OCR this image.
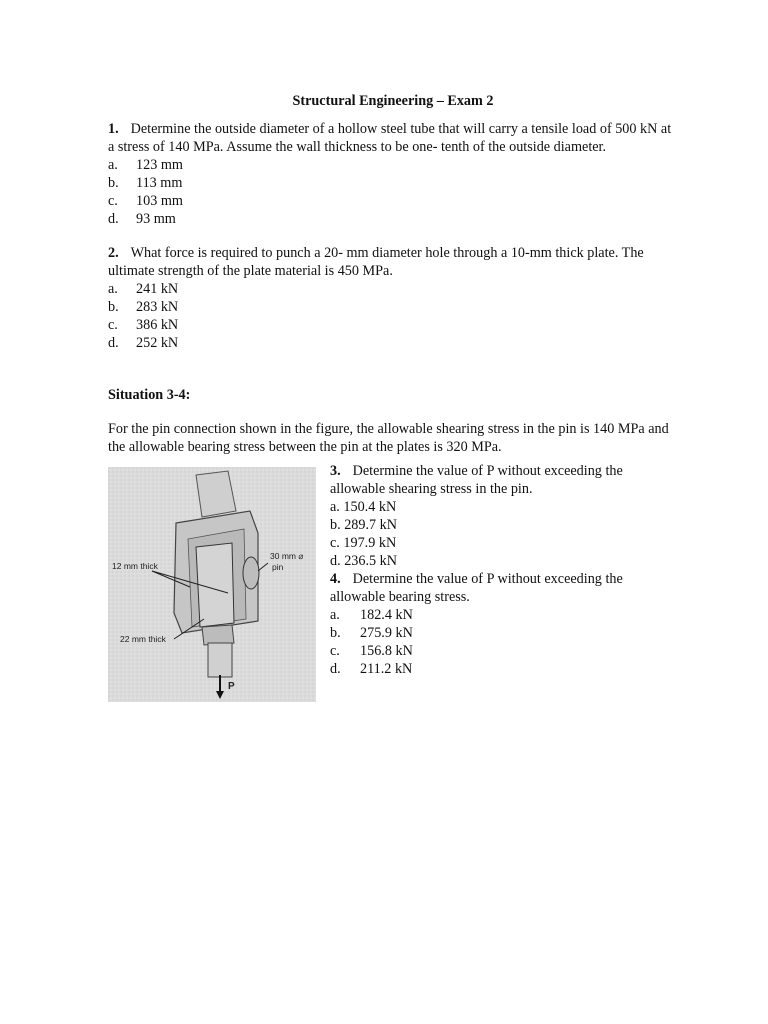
Structural Engineering – Exam 2

1. Determine the outside diameter of a hollow steel tube that will carry a tensile load of 500 kN at a stress of 140 MPa. Assume the wall thickness to be one- tenth of the outside diameter.

a.	123 mm
b.	113 mm
c.	103 mm
d.	93 mm

2. What force is required to punch a 20- mm diameter hole through a 10-mm thick plate. The ultimate strength of the plate material is 450 MPa.

a.	241 kN
b.	283 kN
c.	386 kN
d.	252 kN

Situation 3-4:

For the pin connection shown in the figure, the allowable shearing stress in the pin is 140 MPa and the allowable bearing stress between the pin at the plates is 320 MPa.

12 mm thick
30 mm ⌀
pin
22 mm thick
P

3. Determine the value of P without exceeding the allowable shearing stress in the pin.

a. 150.4 kN
b. 289.7 kN
c. 197.9 kN
d. 236.5 kN

4. Determine the value of P without exceeding the allowable bearing stress.

a.	182.4 kN
b.	275.9 kN
c.	156.8 kN
d.	211.2 kN
